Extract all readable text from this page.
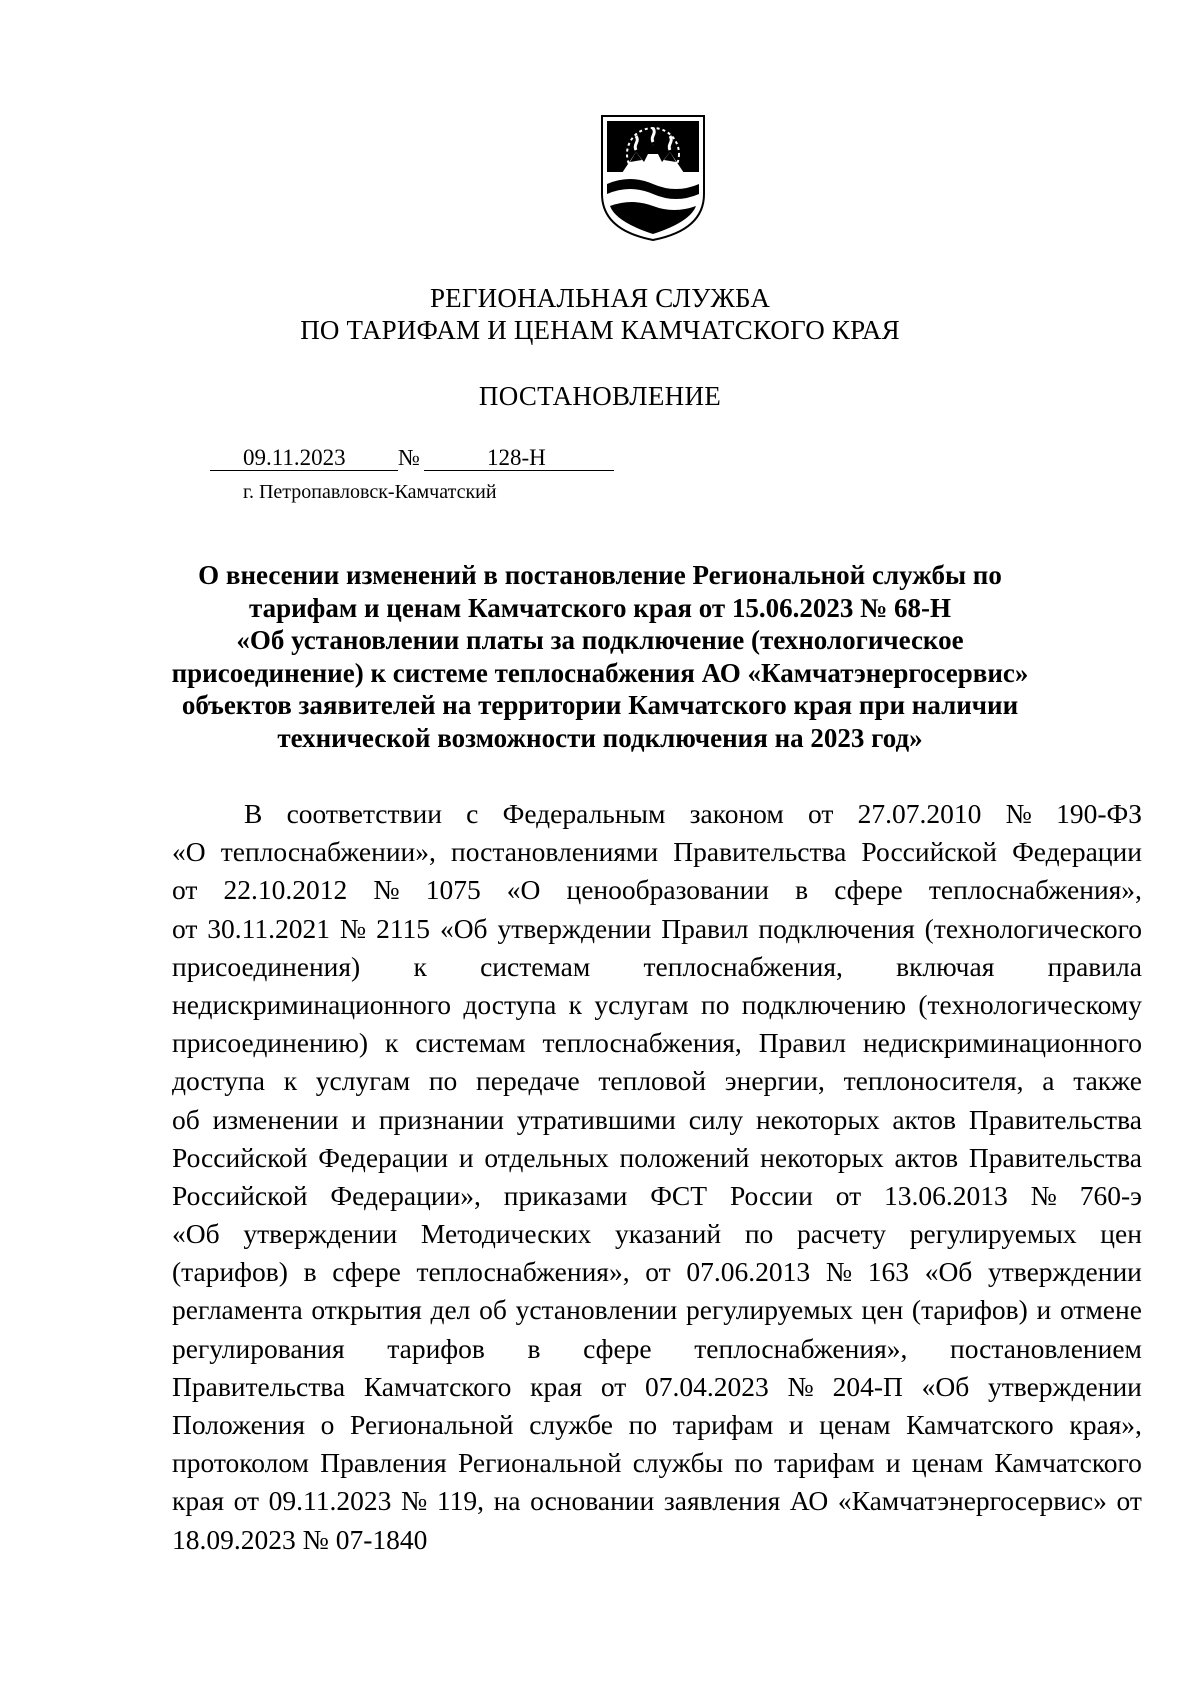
РЕГИОНАЛЬНАЯ СЛУЖБА
ПО ТАРИФАМ И ЦЕНАМ КАМЧАТСКОГО КРАЯ
ПОСТАНОВЛЕНИЕ
09.11.2023 №	128-Н
г. Петропавловск-Камчатский
О внесении изменений в постановление Региональной службы по
тарифам и ценам Камчатского края от 15.06.2023 № 68-Н
«Об установлении платы за подключение (технологическое
присоединение) к системе теплоснабжения АО «Камчатэнергосервис»
объектов заявителей на территории Камчатского края при наличии
технической возможности подключения на 2023 год»
В соответствии с Федеральным законом от 27.07.2010 № 190-ФЗ
«О теплоснабжении», постановлениями Правительства Российской Федерации
от 22.10.2012 № 1075 «О ценообразовании в сфере теплоснабжения»,
от 30.11.2021 № 2115 «Об утверждении Правил подключения (технологического
присоединения) к системам теплоснабжения, включая правила
недискриминационного доступа к услугам по подключению (технологическому
присоединению) к системам теплоснабжения, Правил недискриминационного
доступа к услугам по передаче тепловой энергии, теплоносителя, а также
об изменении и признании утратившими силу некоторых актов Правительства
Российской Федерации и отдельных положений некоторых актов Правительства
Российской Федерации», приказами ФСТ России от 13.06.2013 № 760-э
«Об утверждении Методических указаний по расчету регулируемых цен
(тарифов) в сфере теплоснабжения», от 07.06.2013 № 163 «Об утверждении
регламента открытия дел об установлении регулируемых цен (тарифов) и отмене
регулирования тарифов в сфере теплоснабжения», постановлением
Правительства Камчатского края от 07.04.2023 № 204-П «Об утверждении
Положения о Региональной службе по тарифам и ценам Камчатского края»,
протоколом Правления Региональной службы по тарифам и ценам Камчатского
края от 09.11.2023 № 119, на основании заявления АО «Камчатэнергосервис» от
18.09.2023 № 07-1840
